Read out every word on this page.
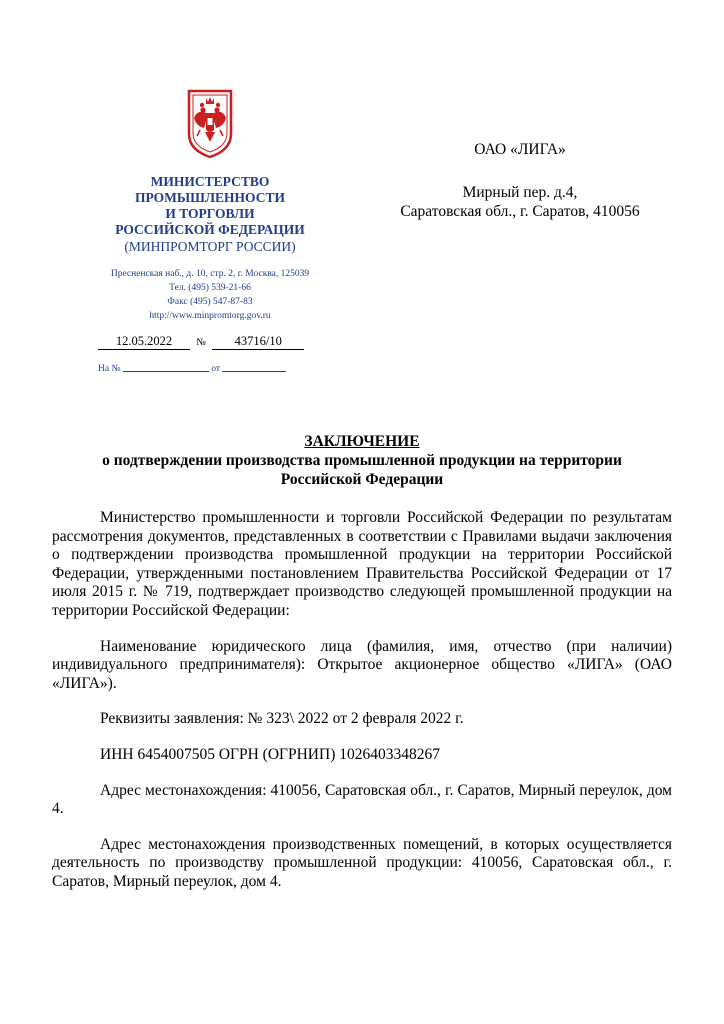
МИНИСТЕРСТВО
ПРОМЫШЛЕННОСТИ
И ТОРГОВЛИ
РОССИЙСКОЙ ФЕДЕРАЦИИ
(МИНПРОМТОРГ РОССИИ)
Пресненская наб., д. 10, стр. 2, г. Москва, 125039
Тел. (495) 539-21-66
Факс (495) 547-87-83
http://www.minpromtorg.gov.ru
12.05.2022 № 43716/10
На №	от
ОАО «ЛИГА»
Мирный пер. д.4,
Саратовская обл., г. Саратов, 410056
ЗАКЛЮЧЕНИЕ
о подтверждении производства промышленной продукции на территории
Российской Федерации

Министерство промышленности и торговли Российской Федерации по результатам рассмотрения документов, представленных в соответствии с Правилами выдачи заключения о подтверждении производства промышленной продукции на территории Российской Федерации, утвержденными постановлением Правительства Российской Федерации от 17 июля 2015 г. № 719, подтверждает производство следующей промышленной продукции на территории Российской Федерации:

Наименование юридического лица (фамилия, имя, отчество (при наличии) индивидуального предпринимателя): Открытое акционерное общество «ЛИГА» (ОАО «ЛИГА»).

Реквизиты заявления: № 323\ 2022 от 2 февраля 2022 г.

ИНН 6454007505 ОГРН (ОГРНИП) 1026403348267

Адрес местонахождения: 410056, Саратовская обл., г. Саратов, Мирный переулок, дом 4.

Адрес местонахождения производственных помещений, в которых осуществляется деятельность по производству промышленной продукции: 410056, Саратовская обл., г. Саратов, Мирный переулок, дом 4.
